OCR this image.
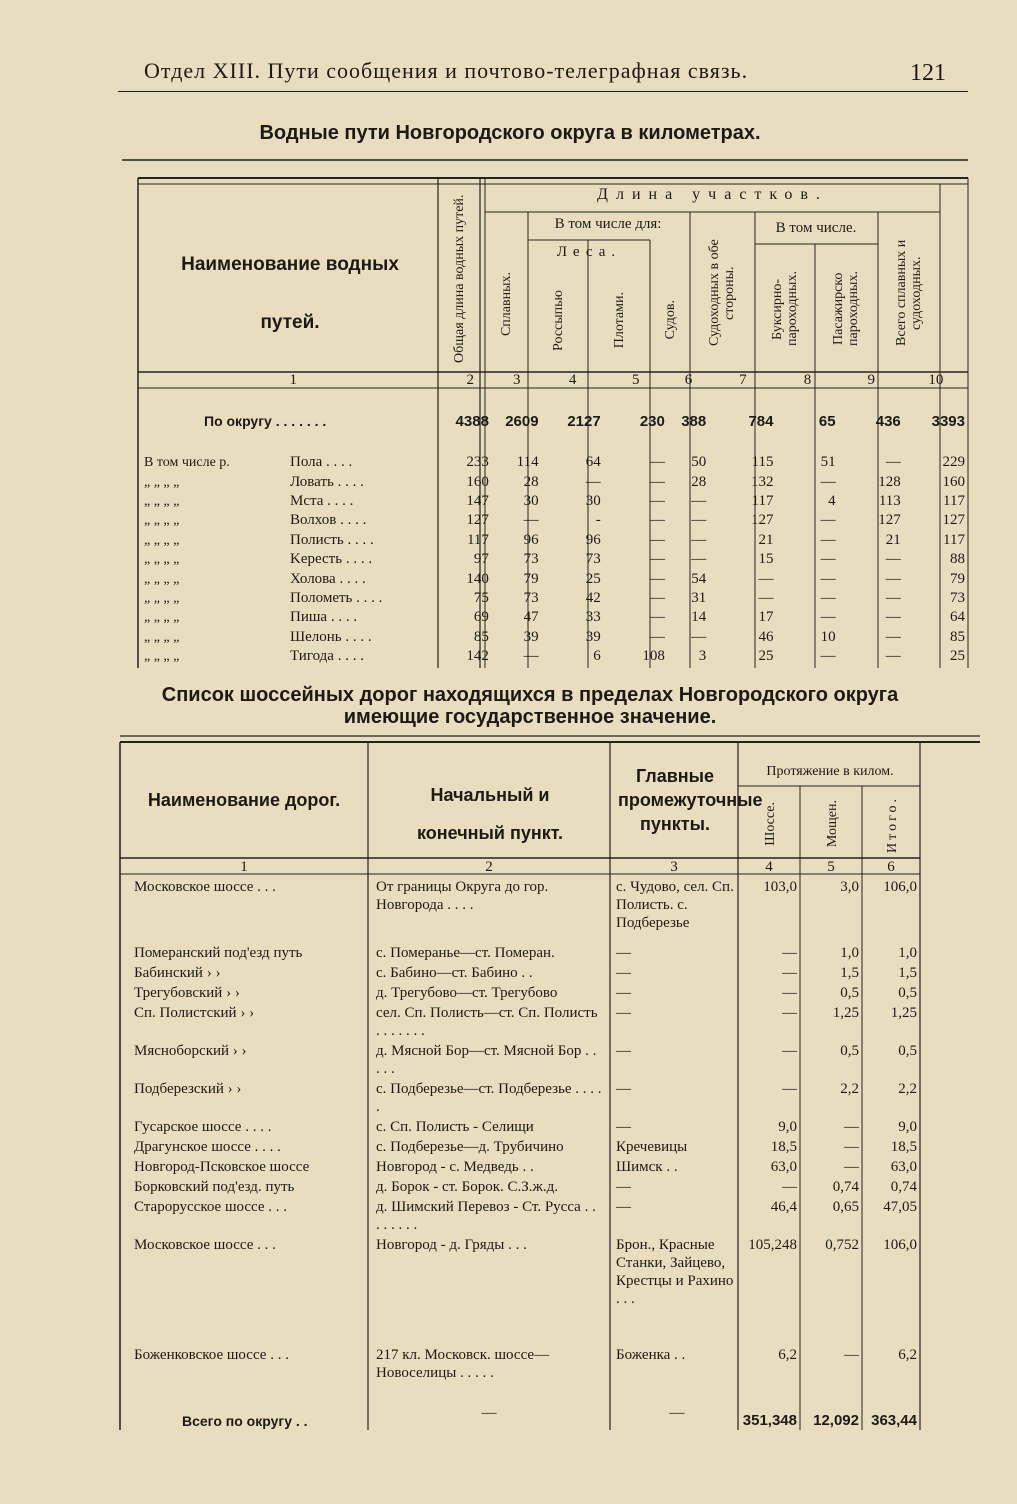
Отдел XIII. Пути сообщения и почтово-телеграфная связь.	121
Водные пути Новгородского округа в километрах.
Наименование водных путей.	Общая длина водных путей.
Длина участков.
Сплавных.
В том числе для:
Леса.
Россыпью	Плотами.	Судов. Судоходных в обе стороны.
В том числе.
Буксирно-пароходных. Пасажирско пароходных. Всего сплавных и судоходных.
1	2	3	4	5	6	7	8	9	10
По округу . . . . . . .	4388	2609	2127	230	388	784	65	436	3393
В том числе р. Пола . . . .	233	114	64	—	50	115	51	—	229
„ „ „ „ Ловать . . . .	160	28	—	—	28	132	—	128	160
„ „ „ „ Мста . . . .	147	30	30	—	—	117	4	113	117
„ „ „ „ Волхов . . . .	127	—	-	—	—	127	—	127	127
„ „ „ „ Полисть . . . .	117	96	96	—	—	21	—	21	117
„ „ „ „ Keресть . . . .	97	73	73	—	—	15	—	—	88
„ „ „ „ Холова . . . .	140	79	25	—	54	—	—	—	79
„ „ „ „ Полометь . . . .	75	73	42	—	31	—	—	—	73
„ „ „ „ Пиша . . . .	69	47	33	—	14	17	—	—	64
„ „ „ „ Шелонь . . . .	85	39	39	—	—	46	10	—	85
„ „ „ „ Тигода . . . .	142	—	6	108	3	25	—	—	25
Список шоссейных дорог находящихся в пределах Новгородского округа
имеющие государственное значение.
Наименование дорог.	Начальный и конечный пункт.
Главные промежуточные пункты.
Протяжение в килом.
Шоссе.	Мощен.	Итого.
1	2	3	4	5	6
Московское шоссе . . .	От границы Округа до гор. Новгорода . . . .	с. Чудово, сел. Сп. Полисть. с. Подберезье	103,0	3,0	106,0
Померанский под'езд путь	с. Померанье—ст. Померан.	—	—	1,0	1,0
Бабинский › ›	с. Бабино—ст. Бабино . .	—	—	1,5	1,5
Трегубовский › ›	д. Трегубово—ст. Трегубово	—	—	0,5	0,5
Сп. Полистский › ›	сел. Сп. Полисть—ст. Сп. Полисть . . . . . . .	—	—	1,25	1,25
Мяснoборский › ›	д. Мясной Бор—ст. Мясной Бор . . . . .	—	—	0,5	0,5
Подберезский › ›	с. Подберезье—ст. Подберезье . . . . .	—	—	2,2	2,2
Гусарское шоссе . . . .	с. Сп. Полисть - Селищи	—	9,0	—	9,0
Драгунское шоссе . . . .	с. Подберезье—д. Трубичино	Кречевицы	18,5	—	18,5
Новгород-Псковское шоссе	Новгород - с. Медведь . .	Шимск . .	63,0	—	63,0
Борковский под'езд. путь	д. Борок - ст. Борок. С.З.ж.д.	—	—	0,74	0,74
Старорусское шоссе . . .	д. Шимский Перевоз - Ст. Русса . . . . . . . .	—	46,4	0,65	47,05
Московское шоссе . . .	Новгород - д. Гряды . . .	Брон., Красные Станки, Зайцево, Крестцы и Рахино . . .	105,248	0,752	106,0
Боженковское шоссе . . .	217 кл. Московск. шоссе—Новоселицы . . . . .	Боженка . .	6,2	—	6,2
Всего по округу . .	—	—	351,348	12,092	363,44
